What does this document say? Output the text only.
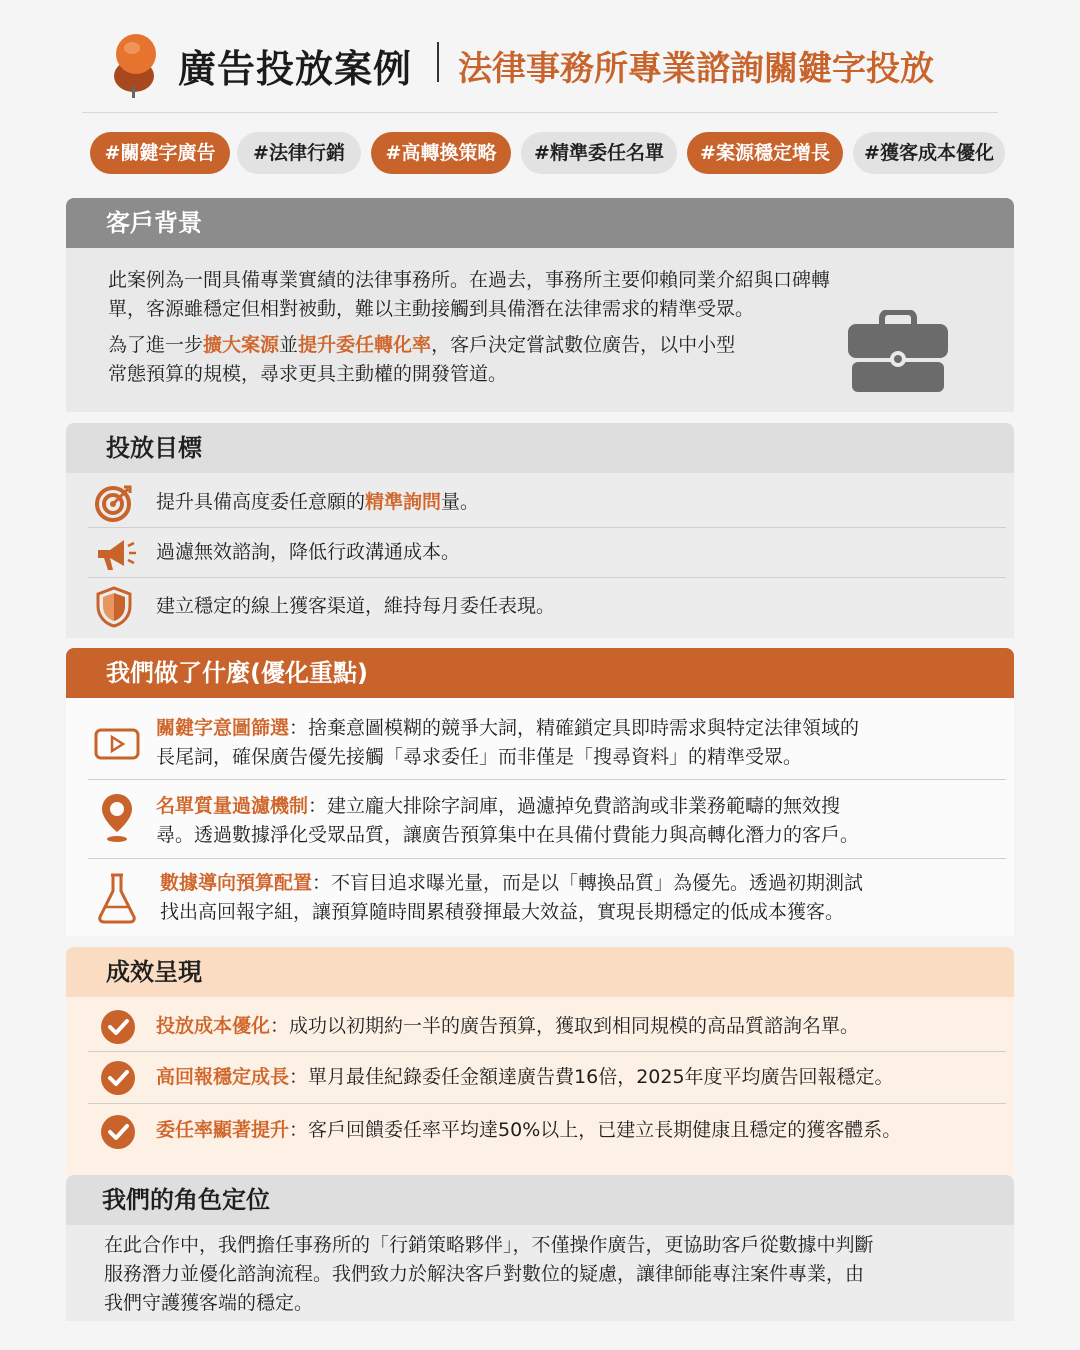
廣告投放案例 法律事務所專業諮詢關鍵字投放
#關鍵字廣告	#法律行銷	#高轉換策略	#精準委任名單	#案源穩定增長	#獲客成本優化
客戶背景
此案例為一間具備專業實績的法律事務所。在過去，事務所主要仰賴同業介紹與口碑轉
單，客源雖穩定但相對被動，難以主動接觸到具備潛在法律需求的精準受眾。
為了進一步擴大案源並提升委任轉化率，客戶決定嘗試數位廣告，以中小型
常態預算的規模，尋求更具主動權的開發管道。
投放目標
提升具備高度委任意願的精準詢問量。
過濾無效諮詢，降低行政溝通成本。
建立穩定的線上獲客渠道，維持每月委任表現。
我們做了什麼(優化重點)
關鍵字意圖篩選：捨棄意圖模糊的競爭大詞，精確鎖定具即時需求與特定法律領域的
長尾詞，確保廣告優先接觸「尋求委任」而非僅是「搜尋資料」的精準受眾。
名單質量過濾機制：建立龐大排除字詞庫，過濾掉免費諮詢或非業務範疇的無效搜
尋。透過數據淨化受眾品質，讓廣告預算集中在具備付費能力與高轉化潛力的客戶。
數據導向預算配置：不盲目追求曝光量，而是以「轉換品質」為優先。透過初期測試
找出高回報字組，讓預算隨時間累積發揮最大效益，實現長期穩定的低成本獲客。
成效呈現
投放成本優化：成功以初期約一半的廣告預算，獲取到相同規模的高品質諮詢名單。
高回報穩定成長：單月最佳紀錄委任金額達廣告費16倍，2025年度平均廣告回報穩定。
委任率顯著提升：客戶回饋委任率平均達50%以上，已建立長期健康且穩定的獲客體系。
我們的角色定位
在此合作中，我們擔任事務所的「行銷策略夥伴」，不僅操作廣告，更協助客戶從數據中判斷
服務潛力並優化諮詢流程。我們致力於解決客戶對數位的疑慮，讓律師能專注案件專業，由
我們守護獲客端的穩定。
